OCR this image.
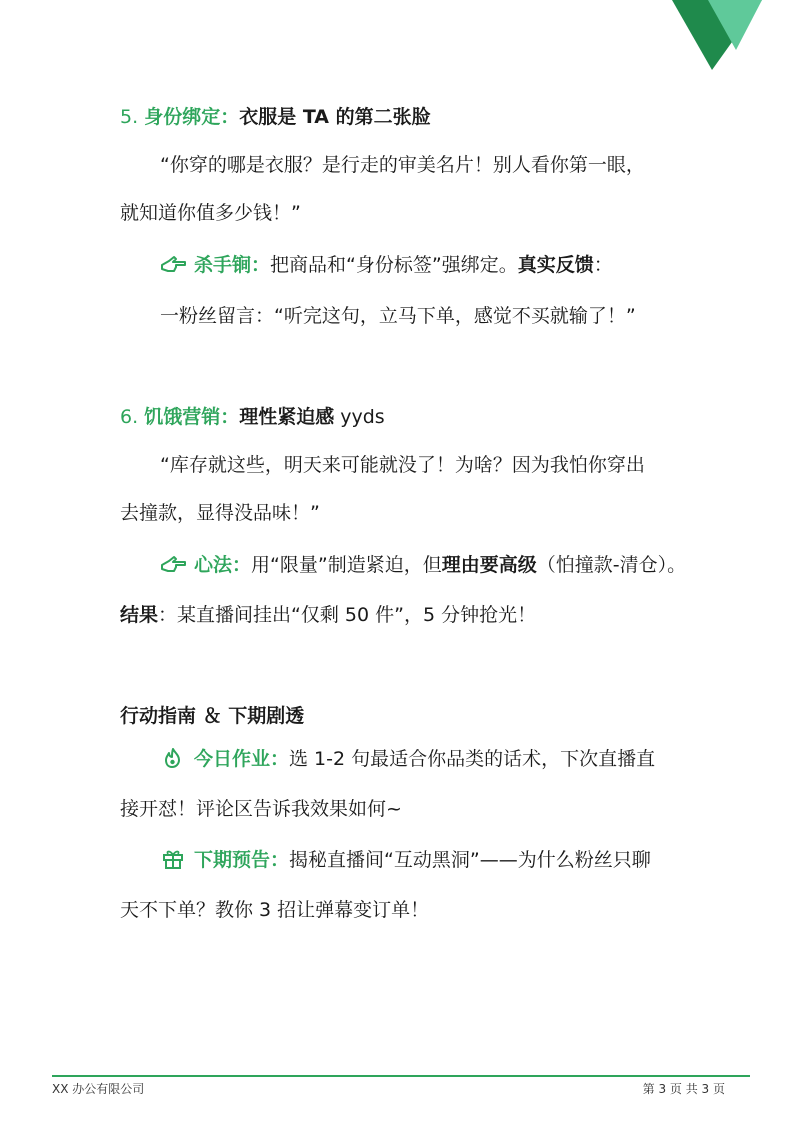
5. 身份绑定：衣服是 TA 的第二张脸
“你穿的哪是衣服？是行走的审美名片！别人看你第一眼，
就知道你值多少钱！”
杀手锏：把商品和“身份标签”强绑定。真实反馈：
一粉丝留言：“听完这句，立马下单，感觉不买就输了！”
6. 饥饿营销：理性紧迫感 yyds
“库存就这些，明天来可能就没了！为啥？因为我怕你穿出
去撞款，显得没品味！”
心法：用“限量”制造紧迫，但理由要高级（怕撞款-清仓）。
结果：某直播间挂出“仅剩 50 件”，5 分钟抢光！
行动指南 ＆ 下期剧透
今日作业：选 1-2 句最适合你品类的话术，下次直播直
接开怼！评论区告诉我效果如何~
下期预告：揭秘直播间“互动黑洞”——为什么粉丝只聊
天不下单？教你 3 招让弹幕变订单！
XX 办公有限公司	第 3 页 共 3 页
